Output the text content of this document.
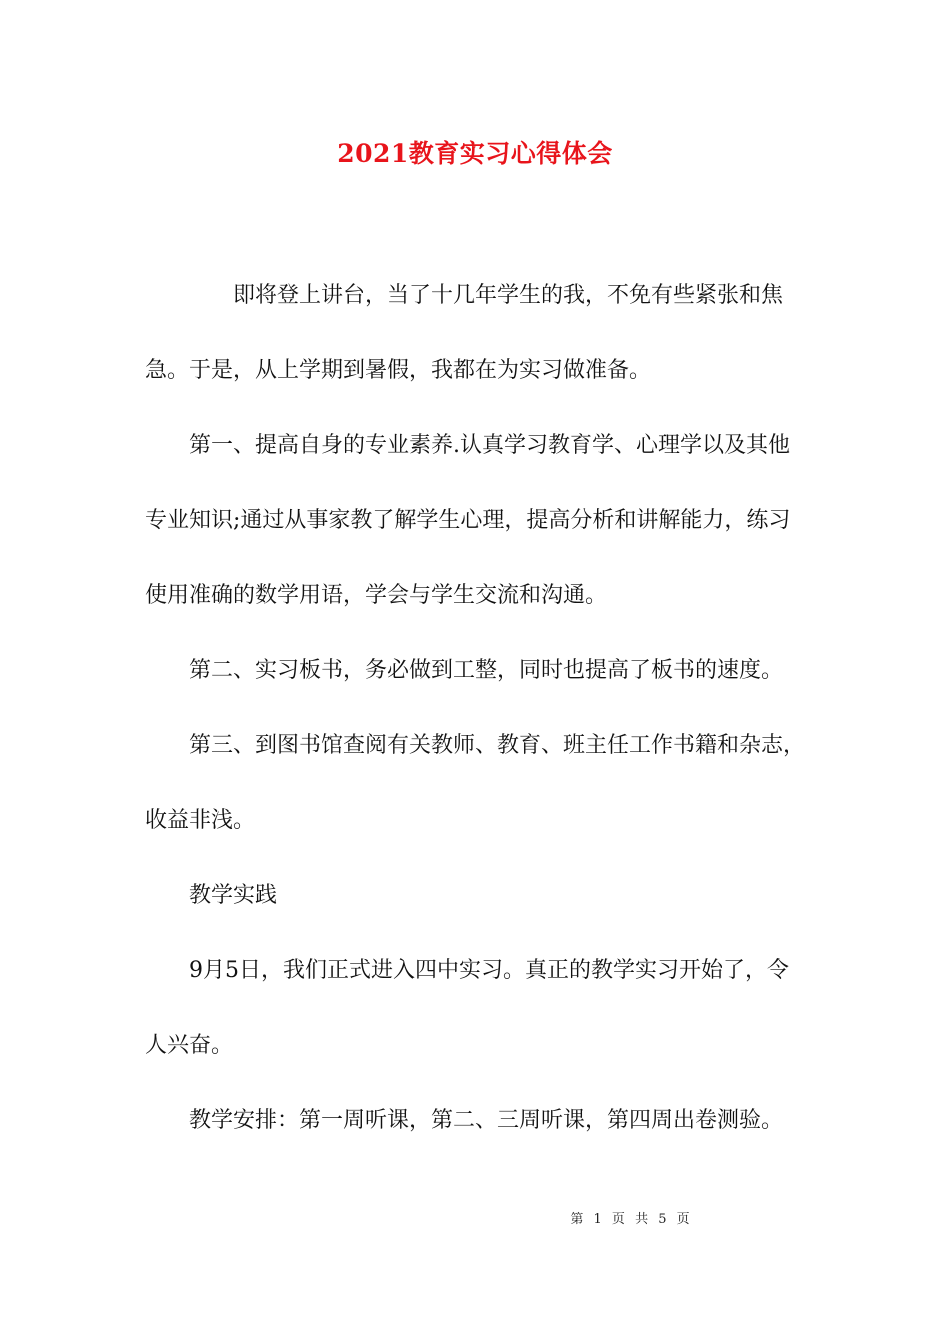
2021教育实习心得体会
即将登上讲台，当了十几年学生的我，不免有些紧张和焦
急。于是，从上学期到暑假，我都在为实习做准备。
第一、提高自身的专业素养.认真学习教育学、心理学以及其他
专业知识;通过从事家教了解学生心理，提高分析和讲解能力，练习
使用准确的数学用语，学会与学生交流和沟通。
第二、实习板书，务必做到工整，同时也提高了板书的速度。
第三、到图书馆查阅有关教师、教育、班主任工作书籍和杂志，
收益非浅。
教学实践
9月5日，我们正式进入四中实习。真正的教学实习开始了，令
人兴奋。
教学安排：第一周听课，第二、三周听课，第四周出卷测验。
第 1 页 共 5 页
